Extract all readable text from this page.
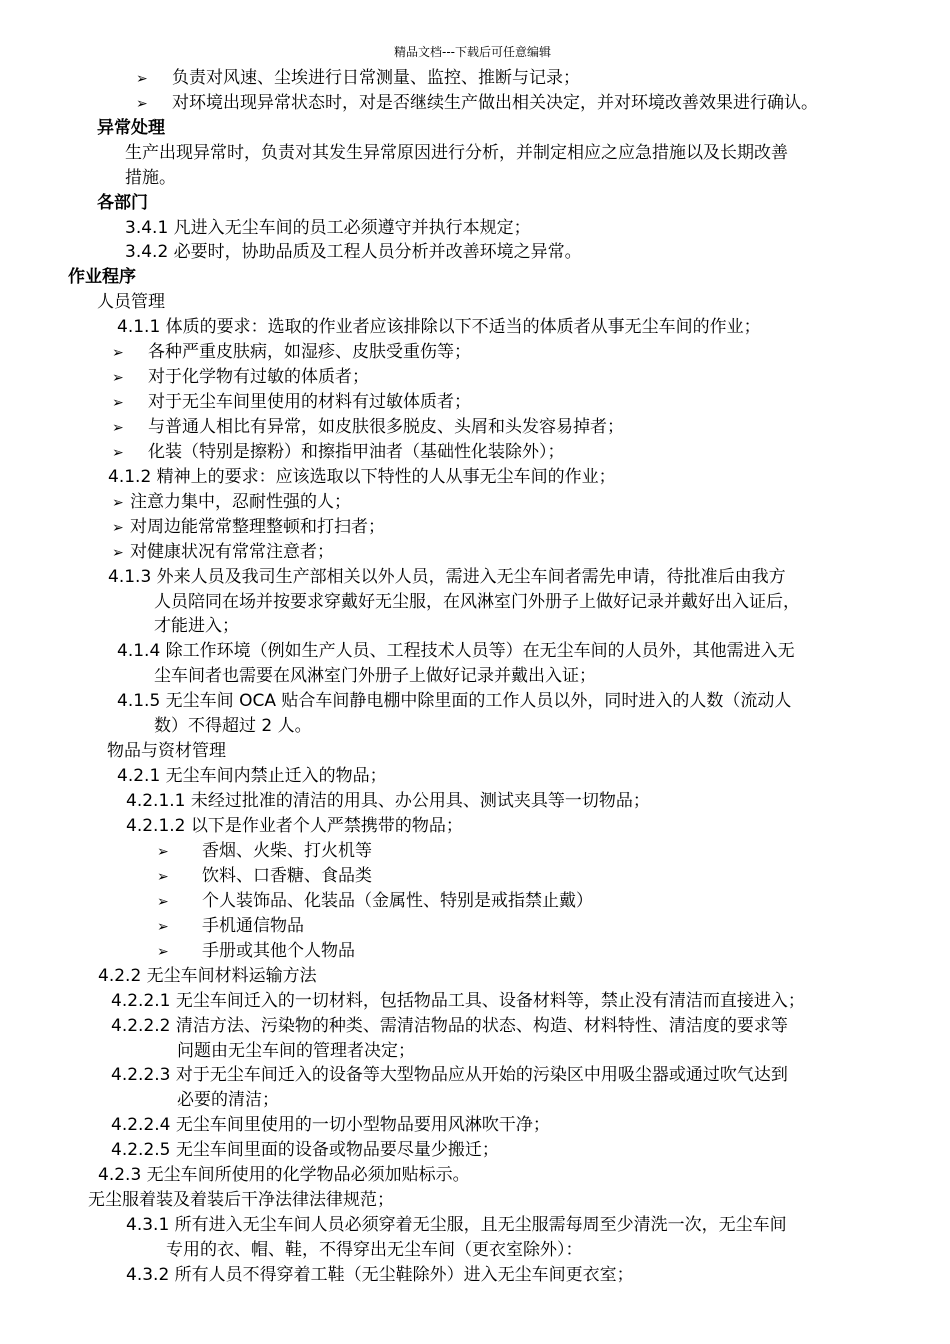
精品文档---下载后可任意编辑
➢ 负责对风速、尘埃进行日常测量、监控、推断与记录；
➢ 对环境出现异常状态时，对是否继续生产做出相关决定，并对环境改善效果进行确认。
异常处理
生产出现异常时，负责对其发生异常原因进行分析，并制定相应之应急措施以及长期改善
措施。
各部门
3.4.1 凡进入无尘车间的员工必须遵守并执行本规定；
3.4.2 必要时，协助品质及工程人员分析并改善环境之异常。
作业程序
人员管理
4.1.1 体质的要求：选取的作业者应该排除以下不适当的体质者从事无尘车间的作业；
➢ 各种严重皮肤病，如湿疹、皮肤受重伤等；
➢ 对于化学物有过敏的体质者；
➢ 对于无尘车间里使用的材料有过敏体质者；
➢ 与普通人相比有异常，如皮肤很多脱皮、头屑和头发容易掉者；
➢ 化装（特别是擦粉）和擦指甲油者（基础性化装除外）；
4.1.2 精神上的要求：应该选取以下特性的人从事无尘车间的作业；
➢ 注意力集中，忍耐性强的人；
➢ 对周边能常常整理整顿和打扫者；
➢ 对健康状况有常常注意者；
4.1.3 外来人员及我司生产部相关以外人员，需进入无尘车间者需先申请，待批准后由我方
人员陪同在场并按要求穿戴好无尘服，在风淋室门外册子上做好记录并戴好出入证后，
才能进入；
4.1.4 除工作环境（例如生产人员、工程技术人员等）在无尘车间的人员外，其他需进入无
尘车间者也需要在风淋室门外册子上做好记录并戴出入证；
4.1.5 无尘车间 OCA 贴合车间静电棚中除里面的工作人员以外，同时进入的人数（流动人
数）不得超过 2 人。
物品与资材管理
4.2.1 无尘车间内禁止迁入的物品；
4.2.1.1 未经过批准的清洁的用具、办公用具、测试夹具等一切物品；
4.2.1.2 以下是作业者个人严禁携带的物品；
➢ 香烟、火柴、打火机等
➢ 饮料、口香糖、食品类
➢ 个人装饰品、化装品（金属性、特别是戒指禁止戴）
➢ 手机通信物品
➢ 手册或其他个人物品
4.2.2 无尘车间材料运输方法
4.2.2.1 无尘车间迁入的一切材料，包括物品工具、设备材料等，禁止没有清洁而直接进入；
4.2.2.2 清洁方法、污染物的种类、需清洁物品的状态、构造、材料特性、清洁度的要求等
问题由无尘车间的管理者决定；
4.2.2.3 对于无尘车间迁入的设备等大型物品应从开始的污染区中用吸尘器或通过吹气达到
必要的清洁；
4.2.2.4 无尘车间里使用的一切小型物品要用风淋吹干净；
4.2.2.5 无尘车间里面的设备或物品要尽量少搬迁；
4.2.3 无尘车间所使用的化学物品必须加贴标示。
无尘服着装及着装后干净法律法律规范；
4.3.1 所有进入无尘车间人员必须穿着无尘服，且无尘服需每周至少清洗一次，无尘车间
专用的衣、帽、鞋，不得穿出无尘车间（更衣室除外）：
4.3.2 所有人员不得穿着工鞋（无尘鞋除外）进入无尘车间更衣室；
